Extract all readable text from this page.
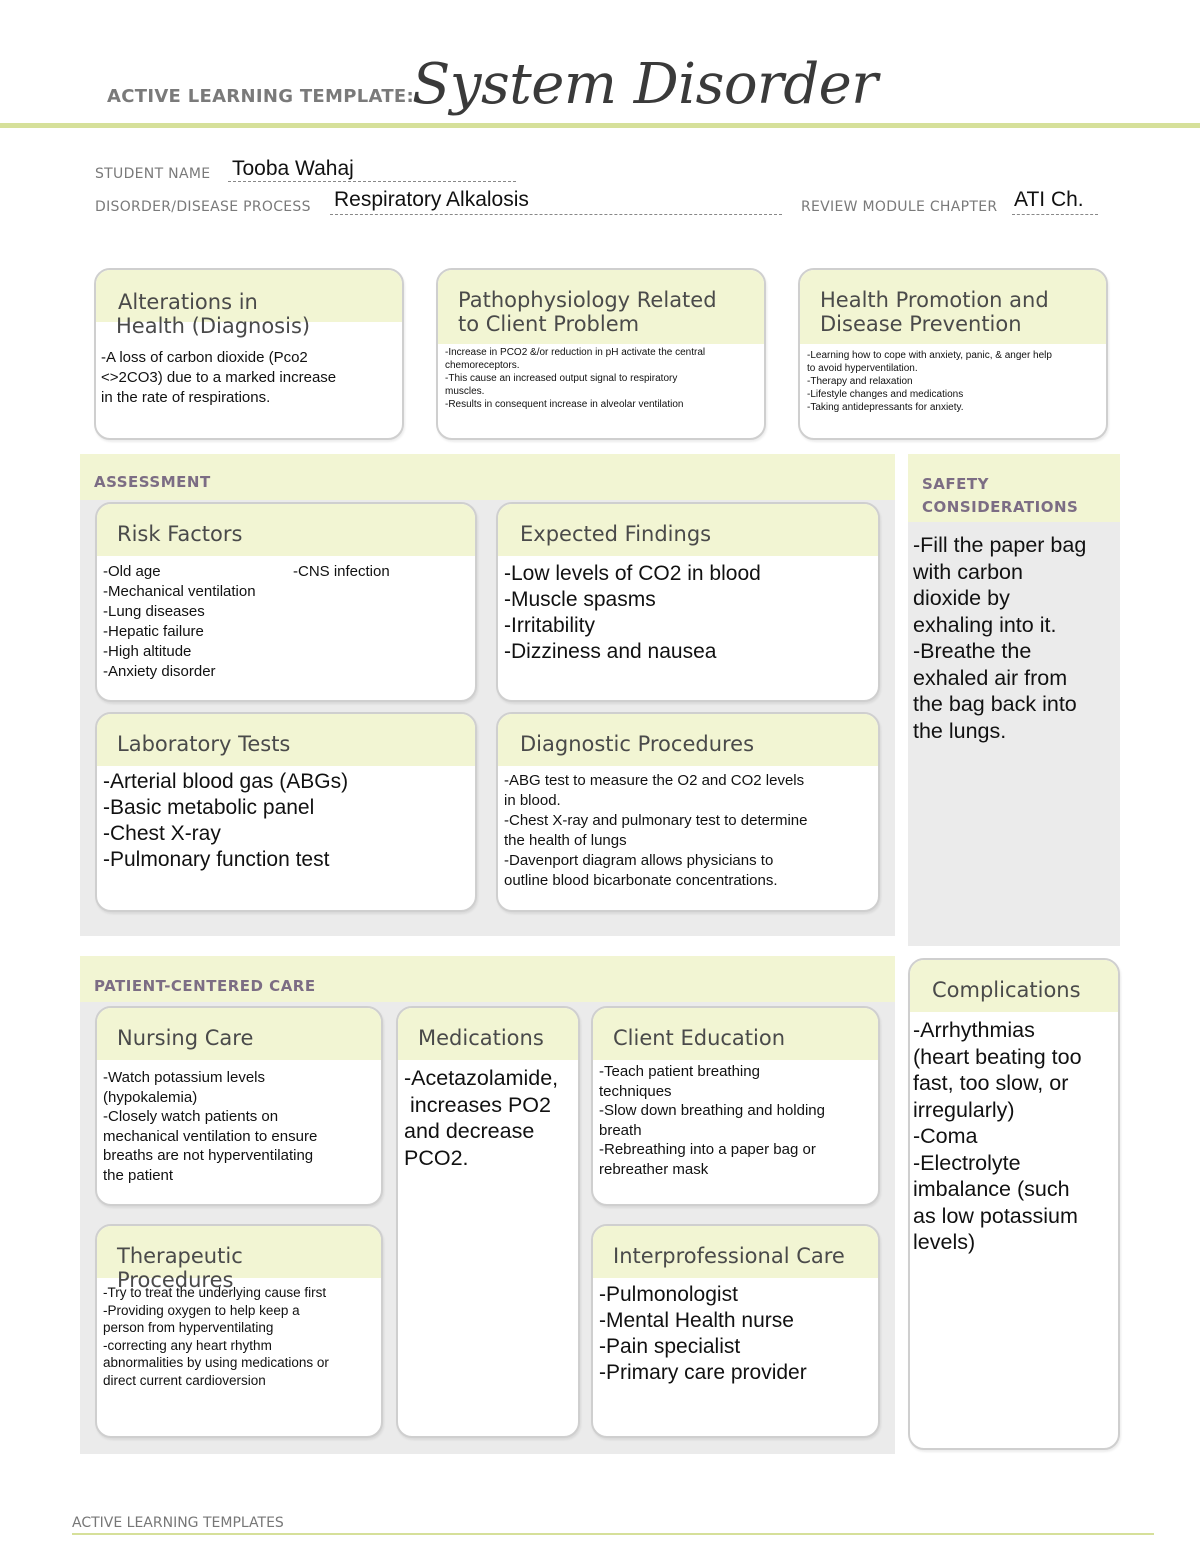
ACTIVE LEARNING TEMPLATE:
System Disorder
STUDENT NAME Tooba Wahaj
DISORDER/DISEASE PROCESS Respiratory Alkalosis	REVIEW MODULE CHAPTER ATI Ch.
Alterations in
Health (Diagnosis)
-A loss of carbon dioxide (Pco2
<>2CO3) due to a marked increase
in the rate of respirations.
Pathophysiology Related
to Client Problem
-Increase in PCO2 &/or reduction in pH activate the central
chemoreceptors.
-This cause an increased output signal to respiratory
muscles.
-Results in consequent increase in alveolar ventilation
Health Promotion and
Disease Prevention
-Learning how to cope with anxiety, panic, & anger help
to avoid hyperventilation.
-Therapy and relaxation
-Lifestyle changes and medications
-Taking antidepressants for anxiety.
ASSESSMENT
Risk Factors
-Old age
-Mechanical ventilation
-Lung diseases
-Hepatic failure
-High altitude
-Anxiety disorder
-CNS infection
Expected Findings
-Low levels of CO2 in blood
-Muscle spasms
-Irritability
-Dizziness and nausea
Laboratory Tests
-Arterial blood gas (ABGs)
-Basic metabolic panel
-Chest X-ray
-Pulmonary function test
Diagnostic Procedures
-ABG test to measure the O2 and CO2 levels
in blood.
-Chest X-ray and pulmonary test to determine
the health of lungs
-Davenport diagram allows physicians to
outline blood bicarbonate concentrations.
SAFETY
CONSIDERATIONS
-Fill the paper bag
with carbon
dioxide by
exhaling into it.
-Breathe the
exhaled air from
the bag back into
the lungs.
PATIENT-CENTERED CARE
Nursing Care
-Watch potassium levels
(hypokalemia)
-Closely watch patients on
mechanical ventilation to ensure
breaths are not hyperventilating
the patient
Medications
-Acetazolamide,
increases PO2
and decrease
PCO2.
Client Education
-Teach patient breathing
techniques
-Slow down breathing and holding
breath
-Rebreathing into a paper bag or
rebreather mask
Therapeutic Procedures
-Try to treat the underlying cause first
-Providing oxygen to help keep a
person from hyperventilating
-correcting any heart rhythm
abnormalities by using medications or
direct current cardioversion
Interprofessional Care
-Pulmonologist
-Mental Health nurse
-Pain specialist
-Primary care provider
Complications
-Arrhythmias
(heart beating too
fast, too slow, or
irregularly)
-Coma
-Electrolyte
imbalance (such
as low potassium
levels)
ACTIVE LEARNING TEMPLATES
